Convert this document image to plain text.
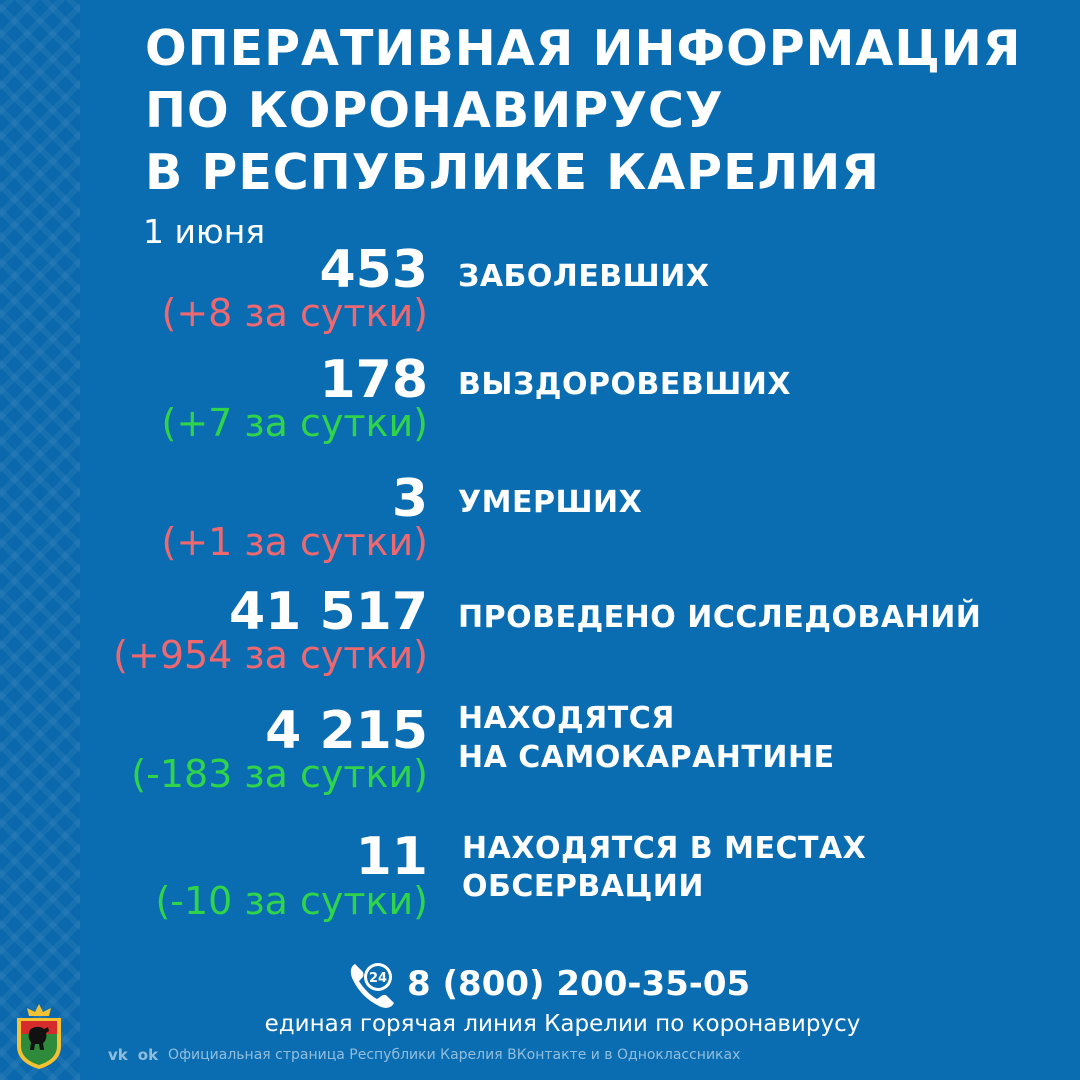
ОПЕРАТИВНАЯ ИНФОРМАЦИЯ
ПО КОРОНАВИРУСУ
В РЕСПУБЛИКЕ КАРЕЛИЯ
1 июня
453
(+8 за сутки)
ЗАБОЛЕВШИХ
178
(+7 за сутки)
ВЫЗДОРОВЕВШИХ
3
(+1 за сутки)
УМЕРШИХ
41 517
(+954 за сутки)
ПРОВЕДЕНО ИССЛЕДОВАНИЙ
4 215
(-183 за сутки)
НАХОДЯТСЯ
НА САМОКАРАНТИНЕ
11
(-10 за сутки)
НАХОДЯТСЯ В МЕСТАХ
ОБСЕРВАЦИИ
24 8 (800) 200-35-05
единая горячая линия Карелии по коронавирусу
vk ok Официальная страница Республики Карелия ВКонтакте и в Одноклассниках
